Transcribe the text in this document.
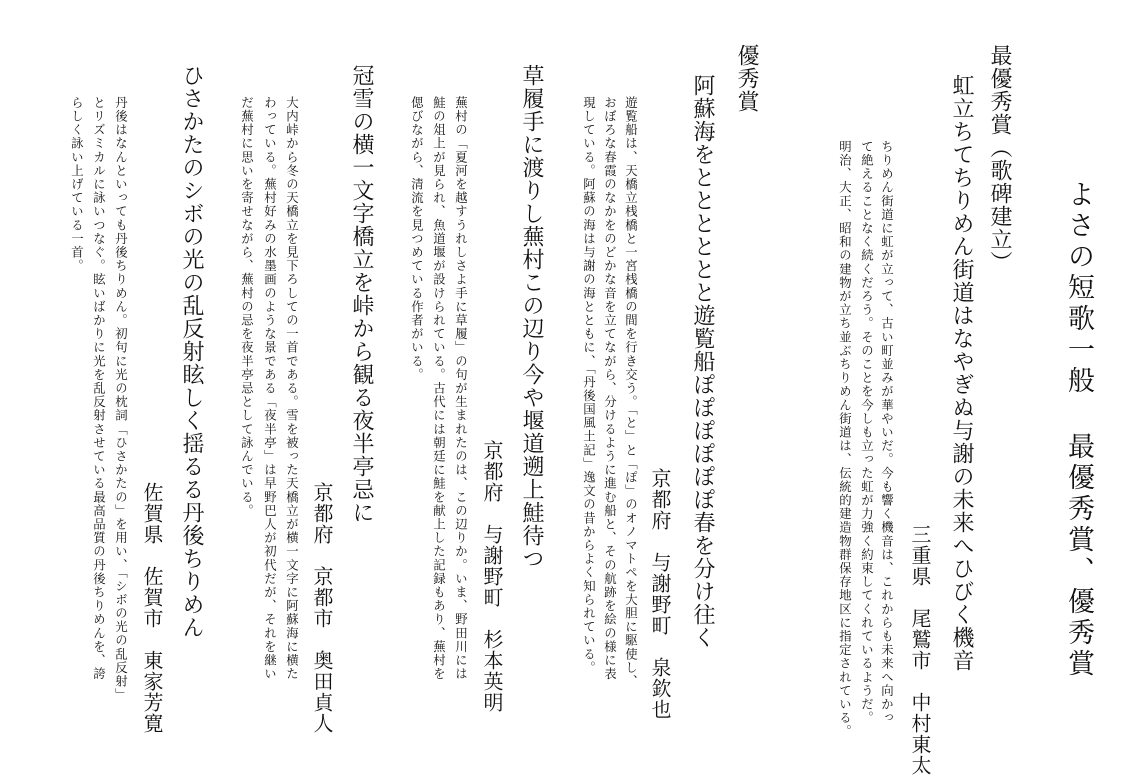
よさの短歌一般 最優秀賞、優秀賞
最優秀賞（歌碑建立）
虹立ちてちりめん街道はなやぎぬ与謝の未来へひびく機音
三重県　尾鷲市　中村東太
ちりめん街道に虹が立って、古い町並みが華やいだ。今も響く機音は、これからも未来へ向かっ
て絶えることなく続くだろう。そのことを今しも立った虹が力強く約束してくれているようだ。
明治、大正、昭和の建物が立ち並ぶちりめん街道は、伝統的建造物群保存地区に指定されている。
優秀賞
阿蘇海をとととととと遊覧船ぽぽぽぽぽぽ春を分け往く
京都府　与謝野町　泉欽也
遊覧船は、天橋立桟橋と一宮桟橋の間を行き交う。「と」と「ぽ」のオノマトペを大胆に駆使し、
おぼろな春霞のなかをのどかな音を立てながら、分けるように進む船と、その航跡を絵の様に表
現している。阿蘇の海は与謝の海とともに、「丹後国風土記」逸文の昔からよく知られている。
草履手に渡りし蕪村この辺り今や堰道遡上鮭待つ
京都府　与謝野町　杉本英明
蕪村の「夏河を越すうれしさよ手に草履」の句が生まれたのは、この辺りか。いま、野田川には
鮭の俎上が見られ、魚道堰が設けられている。古代には朝廷に鮭を献上した記録もあり、蕪村を
偲びながら、清流を見つめている作者がいる。
冠雪の横一文字橋立を峠から観る夜半亭忌に
京都府　京都市　奥田貞人
大内峠から冬の天橋立を見下ろしての一首である。雪を被った天橋立が横一文字に阿蘇海に横た
わっている。蕪村好みの水墨画のような景である「夜半亭」は早野巴人が初代だが、それを継い
だ蕪村に思いを寄せながら、蕪村の忌を夜半亭忌として詠んでいる。
ひさかたのシボの光の乱反射眩しく揺るる丹後ちりめん
佐賀県　佐賀市　東家芳寛
丹後はなんといっても丹後ちりめん。初句に光の枕詞「ひさかたの」を用い、「シボの光の乱反射」
とリズミカルに詠いつなぐ。眩いばかりに光を乱反射させている最高品質の丹後ちりめんを、誇
らしく詠い上げている一首。
